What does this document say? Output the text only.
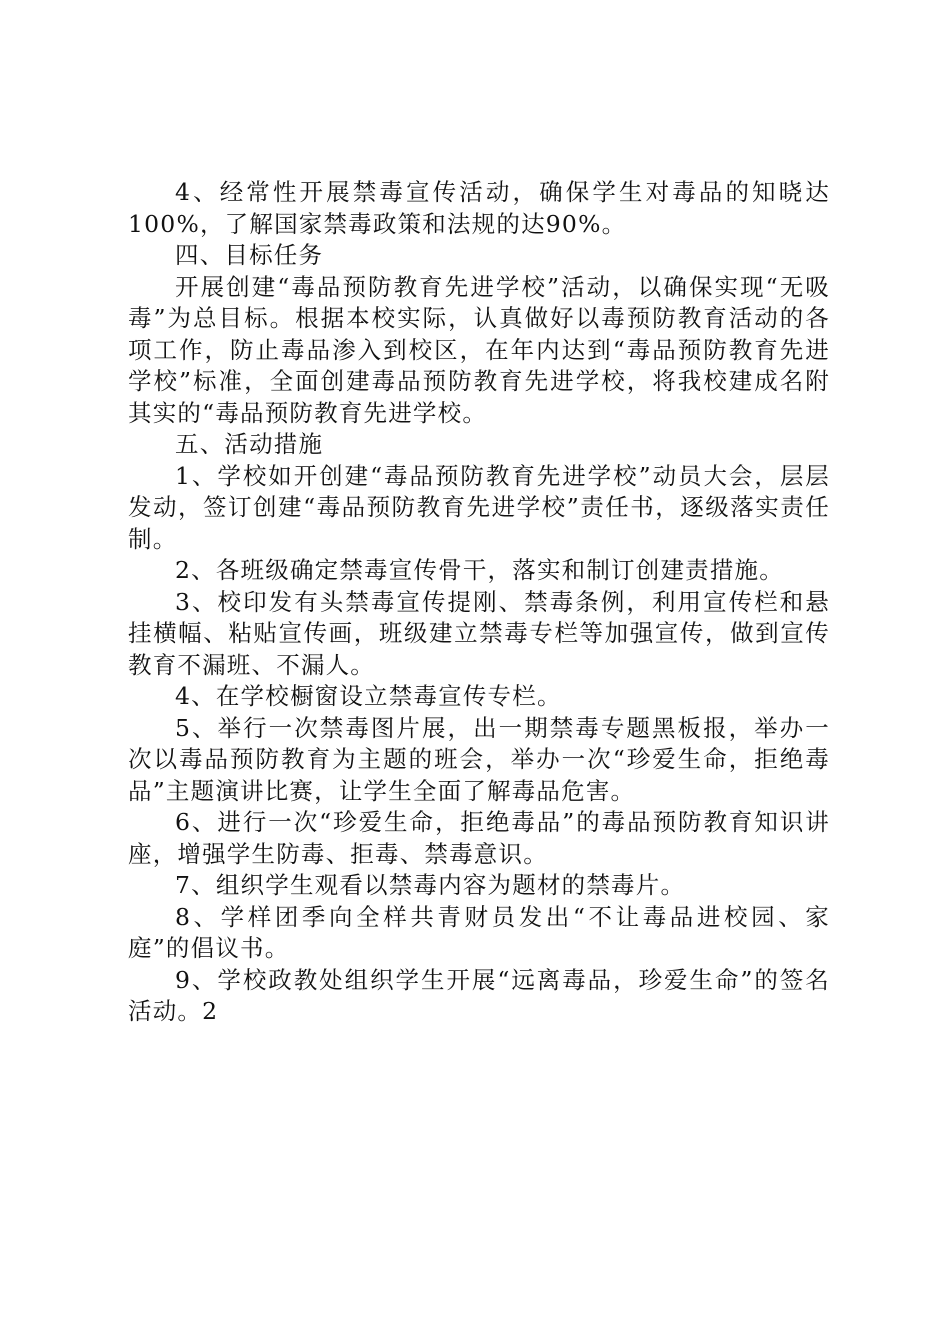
4、经常性开展禁毒宣传活动，确保学生对毒品的知晓达100%，了解国家禁毒政策和法规的达90%。

四、目标任务

开展创建“毒品预防教育先进学校”活动，以确保实现“无吸毒”为总目标。根据本校实际，认真做好以毒预防教育活动的各项工作，防止毒品渗入到校区，在年内达到“毒品预防教育先进学校”标准，全面创建毒品预防教育先进学校，将我校建成名附其实的“毒品预防教育先进学校。

五、活动措施

1、学校如开创建“毒品预防教育先进学校”动员大会，层层发动，签订创建“毒品预防教育先进学校”责任书，逐级落实责任制。

2、各班级确定禁毒宣传骨干，落实和制订创建责措施。

3、校印发有头禁毒宣传提刚、禁毒条例，利用宣传栏和悬挂横幅、粘贴宣传画，班级建立禁毒专栏等加强宣传，做到宣传教育不漏班、不漏人。

4、在学校橱窗设立禁毒宣传专栏。

5、举行一次禁毒图片展，出一期禁毒专题黑板报，举办一次以毒品预防教育为主题的班会，举办一次“珍爱生命，拒绝毒品”主题演讲比赛，让学生全面了解毒品危害。

6、进行一次“珍爱生命，拒绝毒品”的毒品预防教育知识讲座，增强学生防毒、拒毒、禁毒意识。

7、组织学生观看以禁毒内容为题材的禁毒片。

8、学样团季向全样共青财员发出“不让毒品进校园、家庭”的倡议书。

9、学校政教处组织学生开展“远离毒品，珍爱生命”的签名活动。2
